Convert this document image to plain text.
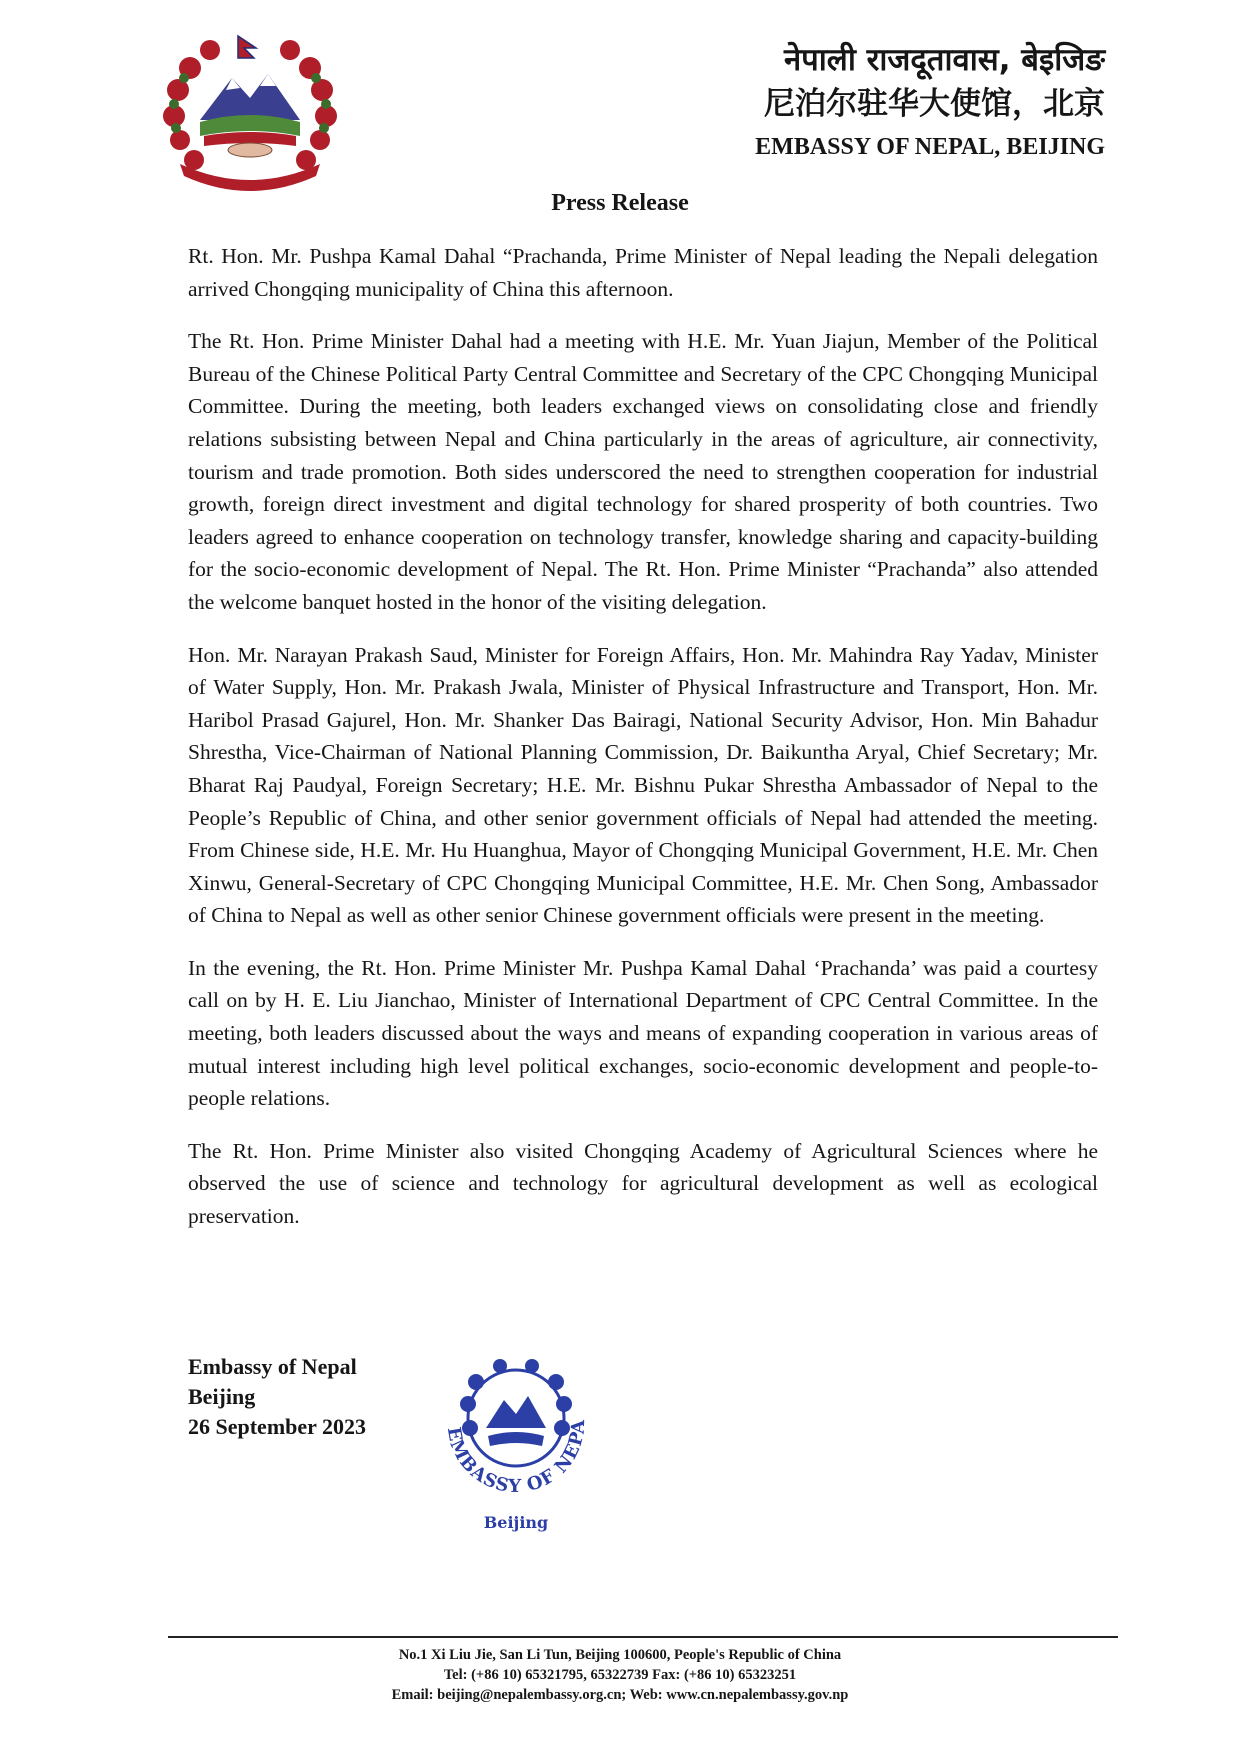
नेपाली राजदूतावास, बेइजिङ
尼泊尔驻华大使馆，北京
EMBASSY OF NEPAL, BEIJING
Press Release

Rt. Hon. Mr. Pushpa Kamal Dahal “Prachanda, Prime Minister of Nepal leading the Nepali delegation arrived Chongqing municipality of China this afternoon.

The Rt. Hon. Prime Minister Dahal had a meeting with H.E. Mr. Yuan Jiajun, Member of the Political Bureau of the Chinese Political Party Central Committee and Secretary of the CPC Chongqing Municipal Committee. During the meeting, both leaders exchanged views on consolidating close and friendly relations subsisting between Nepal and China particularly in the areas of agriculture, air connectivity, tourism and trade promotion. Both sides underscored the need to strengthen cooperation for industrial growth, foreign direct investment and digital technology for shared prosperity of both countries. Two leaders agreed to enhance cooperation on technology transfer, knowledge sharing and capacity-building for the socio-economic development of Nepal. The Rt. Hon. Prime Minister “Prachanda” also attended the welcome banquet hosted in the honor of the visiting delegation.

Hon. Mr. Narayan Prakash Saud, Minister for Foreign Affairs, Hon. Mr. Mahindra Ray Yadav, Minister of Water Supply, Hon. Mr. Prakash Jwala, Minister of Physical Infrastructure and Transport, Hon. Mr. Haribol Prasad Gajurel, Hon. Mr. Shanker Das Bairagi, National Security Advisor, Hon. Min Bahadur Shrestha, Vice-Chairman of National Planning Commission, Dr. Baikuntha Aryal, Chief Secretary; Mr. Bharat Raj Paudyal, Foreign Secretary; H.E. Mr. Bishnu Pukar Shrestha Ambassador of Nepal to the People’s Republic of China, and other senior government officials of Nepal had attended the meeting. From Chinese side, H.E. Mr. Hu Huanghua, Mayor of Chongqing Municipal Government, H.E. Mr. Chen Xinwu, General-Secretary of CPC Chongqing Municipal Committee, H.E. Mr. Chen Song, Ambassador of China to Nepal as well as other senior Chinese government officials were present in the meeting.

In the evening, the Rt. Hon. Prime Minister Mr. Pushpa Kamal Dahal ‘Prachanda’ was paid a courtesy call on by H. E. Liu Jianchao, Minister of International Department of CPC Central Committee. In the meeting, both leaders discussed about the ways and means of expanding cooperation in various areas of mutual interest including high level political exchanges, socio-economic development and people-to-people relations.

The Rt. Hon. Prime Minister also visited Chongqing Academy of Agricultural Sciences where he observed the use of science and technology for agricultural development as well as ecological preservation.

Embassy of Nepal
Beijing
26 September 2023	EMBASSY OF NEPA
Beijing
No.1 Xi Liu Jie, San Li Tun, Beijing 100600, People's Republic of China
Tel: (+86 10) 65321795, 65322739 Fax: (+86 10) 65323251
Email: beijing@nepalembassy.org.cn; Web: www.cn.nepalembassy.gov.np
